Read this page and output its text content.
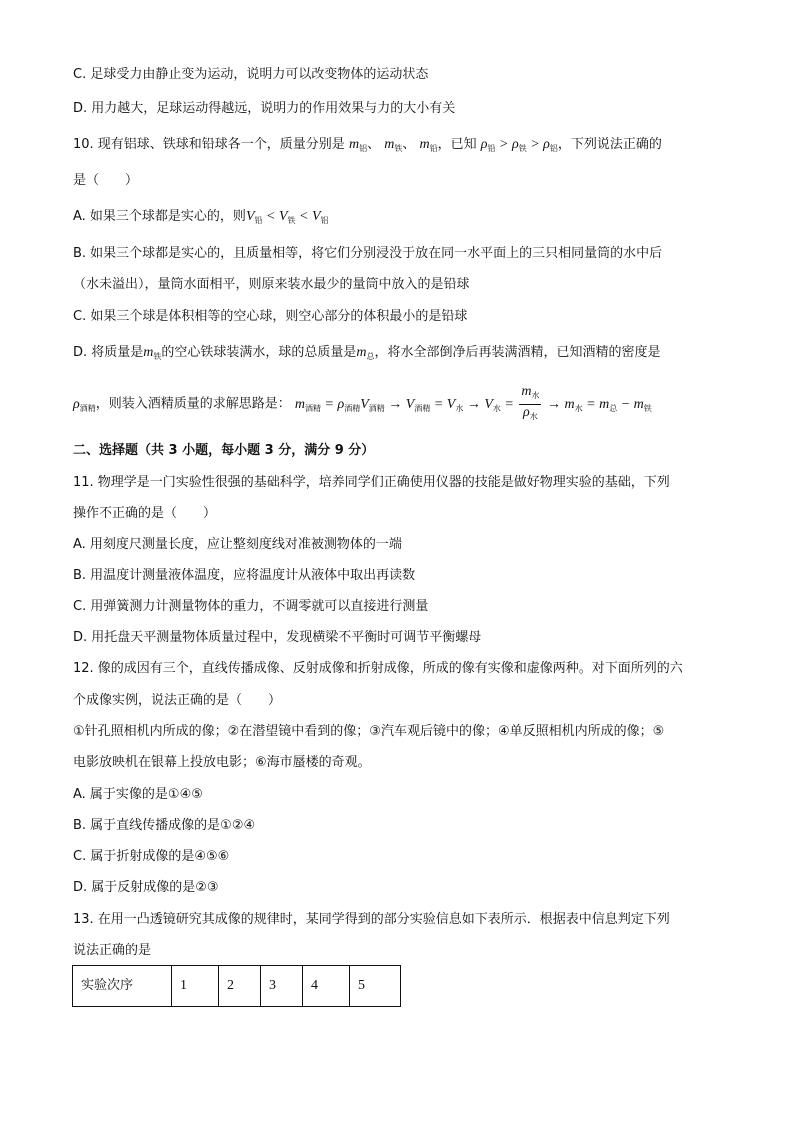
C. 足球受力由静止变为运动，说明力可以改变物体的运动状态
D. 用力越大，足球运动得越远，说明力的作用效果与力的大小有关
10. 现有铝球、铁球和铅球各一个，质量分别是 $m_铝$、 $m_铁$、 $m_铅$，已知 $\rho_铅 > \rho_铁 > \rho_铝$，下列说法正确的
是（　　）
A. 如果三个球都是实心的，则$V_铅 < V_铁 < V_铝$
B. 如果三个球都是实心的，且质量相等，将它们分别浸没于放在同一水平面上的三只相同量筒的水中后
（水未溢出），量筒水面相平，则原来装水最少的量筒中放入的是铅球
C. 如果三个球是体积相等的空心球，则空心部分的体积最小的是铅球
D. 将质量是$m_铁$的空心铁球装满水，球的总质量是$m_总$，将水全部倒净后再装满酒精，已知酒精的密度是
$\rho_{酒精}$，则装入酒精质量的求解思路是： $m_{酒精} = \rho_{酒精}V_{酒精} \to V_{酒精} = V_水 \to V_水 = \frac{m_水}{\rho_水} \to m_水 = m_总 - m_铁$
二、选择题（共 3 小题，每小题 3 分，满分 9 分）
11. 物理学是一门实验性很强的基础科学，培养同学们正确使用仪器的技能是做好物理实验的基础，下列
操作不正确的是（　　）
A. 用刻度尺测量长度，应让整刻度线对准被测物体的一端
B. 用温度计测量液体温度，应将温度计从液体中取出再读数
C. 用弹簧测力计测量物体的重力，不调零就可以直接进行测量
D. 用托盘天平测量物体质量过程中，发现横梁不平衡时可调节平衡螺母
12. 像的成因有三个，直线传播成像、反射成像和折射成像，所成的像有实像和虚像两种。对下面所列的六
个成像实例，说法正确的是（　　）
①针孔照相机内所成的像；②在潜望镜中看到的像；③汽车观后镜中的像；④单反照相机内所成的像；⑤
电影放映机在银幕上投放电影；⑥海市蜃楼的奇观。
A. 属于实像的是①④⑤
B. 属于直线传播成像的是①②④
C. 属于折射成像的是④⑤⑥
D. 属于反射成像的是②③
13. 在用一凸透镜研究其成像的规律时，某同学得到的部分实验信息如下表所示．根据表中信息判定下列
说法正确的是
实验次序	1	2	3	4	5
